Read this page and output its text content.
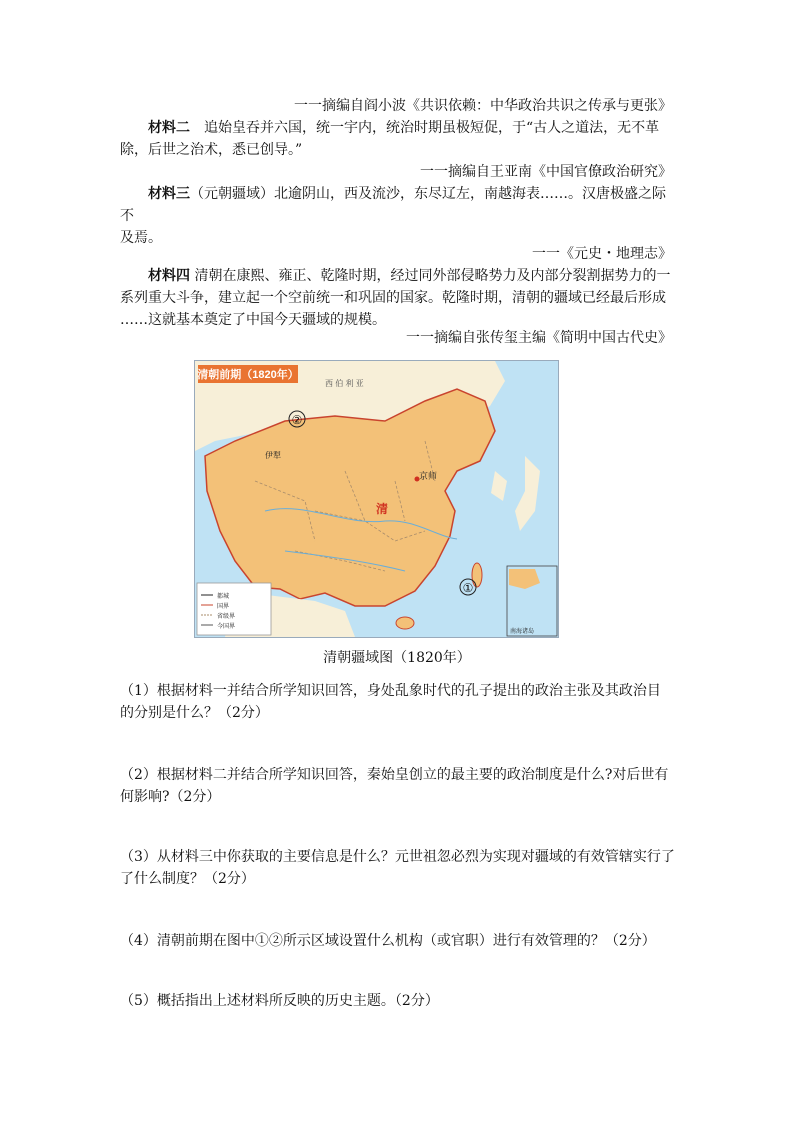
一一摘编自阎小波《共识依赖：中华政治共识之传承与更张》
材料二　 追始皇吞并六国，统一宇内，统治时期虽极短促，于“古人之道法，无不革
除，后世之治术，悉已创导。”
一一摘编自王亚南《中国官僚政治研究》
材料三（元朝疆域）北逾阴山，西及流沙，东尽辽左，南越海表……。汉唐极盛之际
不
及焉。
一一《元史・地理志》
材料四 清朝在康熙、雍正、乾隆时期，经过同外部侵略势力及内部分裂割据势力的一
系列重大斗争，建立起一个空前统一和巩固的国家。乾隆时期，清朝的疆域已经最后形成
……这就基本奠定了中国今天疆域的规模。
一一摘编自张传玺主编《简明中国古代史》
清朝前期（1820年）
西 伯 利 亚
京师
伊犁
清
②
①
都城
国界
省级界
今国界
南海诸岛
清朝疆域图（1820年）
（1）根据材料一并结合所学知识回答，身处乱象时代的孔子提出的政治主张及其政治目
的分别是什么？（2分）
（2）根据材料二并结合所学知识回答，秦始皇创立的最主要的政治制度是什么?对后世有
何影响?（2分）
（3）从材料三中你获取的主要信息是什么？元世祖忽必烈为实现对疆域的有效管辖实行了
了什么制度？（2分）
（4）清朝前期在图中①②所示区域设置什么机构（或官职）进行有效管理的？（2分）
（5）概括指出上述材料所反映的历史主题。（2分）
